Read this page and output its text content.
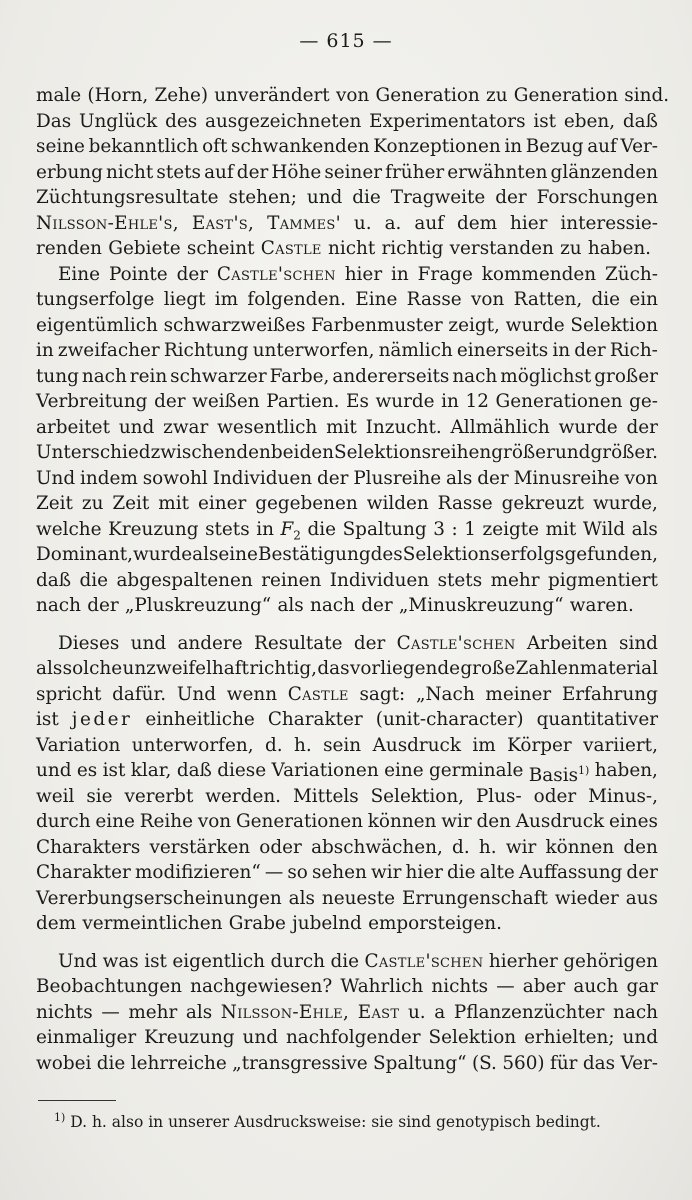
— 615 —
male (Horn, Zehe) unverändert von Generation zu Generation sind.
Das Unglück des ausgezeichneten Experimentators ist eben, daß
seine bekanntlich oft schwankenden Konzeptionen in Bezug auf Ver-
erbung nicht stets auf der Höhe seiner früher erwähnten glänzenden
Züchtungsresultate stehen; und die Tragweite der Forschungen
Nilsson-Ehle's, East's, Tammes' u. a. auf dem hier interessie-
renden Gebiete scheint Castle nicht richtig verstanden zu haben.
Eine Pointe der Castle'schen hier in Frage kommenden Züch-
tungserfolge liegt im folgenden. Eine Rasse von Ratten, die ein
eigentümlich schwarzweißes Farbenmuster zeigt, wurde Selektion
in zweifacher Richtung unterworfen, nämlich einerseits in der Rich-
tung nach rein schwarzer Farbe, andererseits nach möglichst großer
Verbreitung der weißen Partien. Es wurde in 12 Generationen ge-
arbeitet und zwar wesentlich mit Inzucht. Allmählich wurde der
Unterschied zwischen den beiden Selektionsreihen größer und größer.
Und indem sowohl Individuen der Plusreihe als der Minusreihe von
Zeit zu Zeit mit einer gegebenen wilden Rasse gekreuzt wurde,
welche Kreuzung stets in $F_2$ die Spaltung 3 : 1 zeigte mit Wild als
Dominant, wurde als eine Bestätigung des Selektionserfolgs gefunden,
daß die abgespaltenen reinen Individuen stets mehr pigmentiert
nach der „Pluskreuzung“ als nach der „Minuskreuzung“ waren.
Dieses und andere Resultate der Castle'schen Arbeiten sind
als solche unzweifelhaft richtig, das vorliegende große Zahlenmaterial
spricht dafür. Und wenn Castle sagt: „Nach meiner Erfahrung
ist jeder einheitliche Charakter (unit-character) quantitativer
Variation unterworfen, d. h. sein Ausdruck im Körper variiert,
und es ist klar, daß diese Variationen eine germinale Basis$^{1)}$ haben,
weil sie vererbt werden. Mittels Selektion, Plus- oder Minus-,
durch eine Reihe von Generationen können wir den Ausdruck eines
Charakters verstärken oder abschwächen, d. h. wir können den
Charakter modifizieren“ — so sehen wir hier die alte Auffassung der
Vererbungserscheinungen als neueste Errungenschaft wieder aus
dem vermeintlichen Grabe jubelnd emporsteigen.
Und was ist eigentlich durch die Castle'schen hierher gehörigen
Beobachtungen nachgewiesen? Wahrlich nichts — aber auch gar
nichts — mehr als Nilsson-Ehle, East u. a Pflanzenzüchter nach
einmaliger Kreuzung und nachfolgender Selektion erhielten; und
wobei die lehrreiche „transgressive Spaltung“ (S. 560) für das Ver-
$^{1)}$ D. h. also in unserer Ausdrucksweise: sie sind genotypisch bedingt.
